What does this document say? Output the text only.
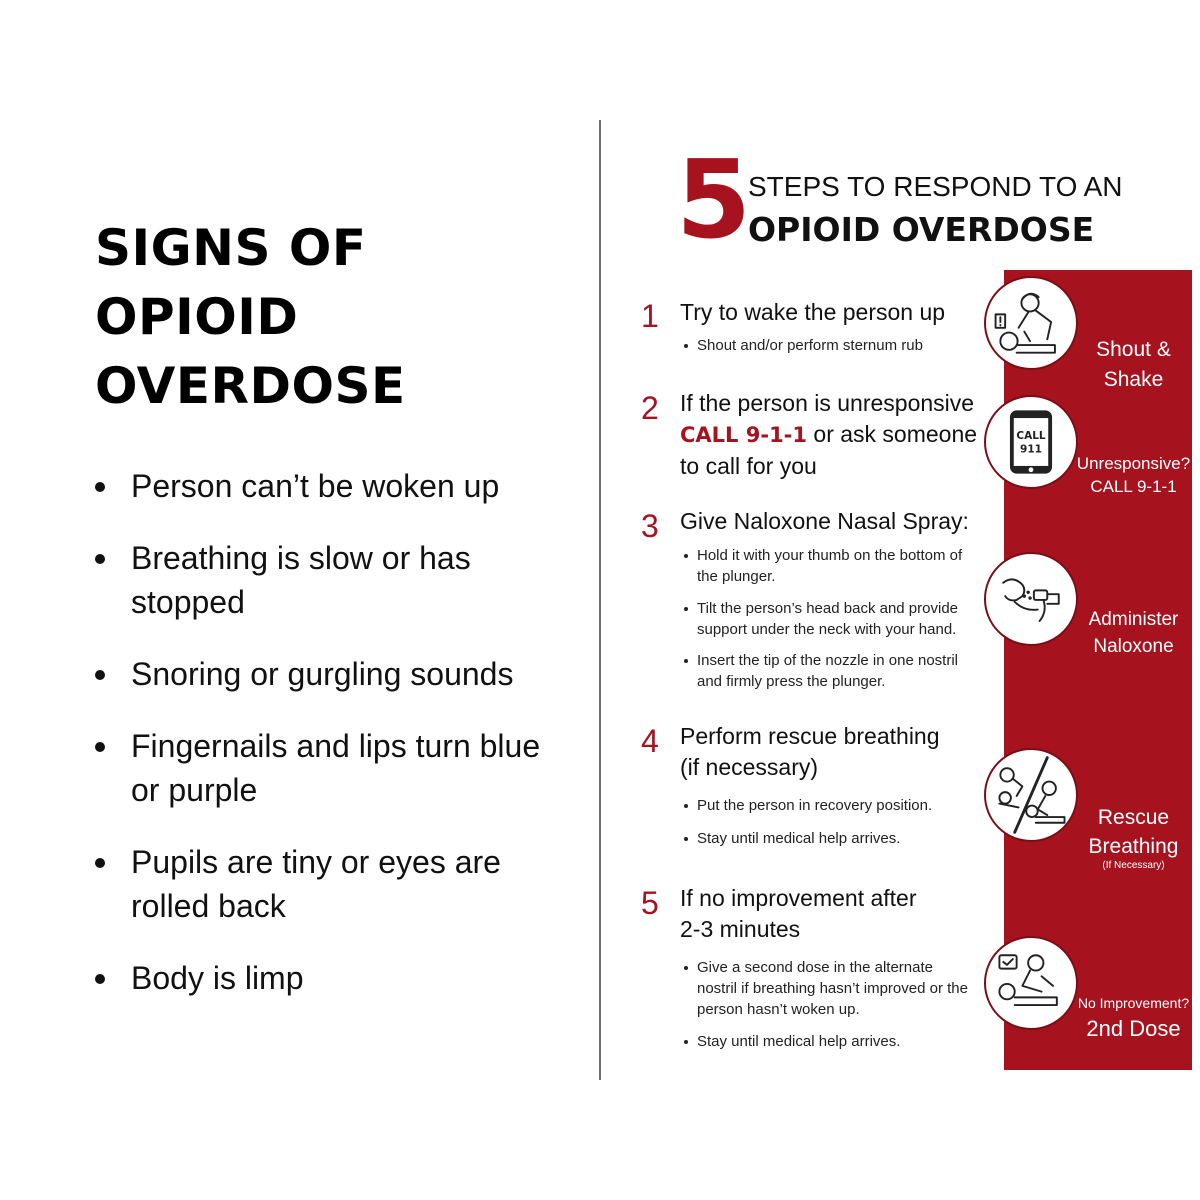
SIGNS OF
OPIOID
OVERDOSE
Person can’t be woken up
Breathing is slow or has stopped
Snoring or gurgling sounds
Fingernails and lips turn blue or purple
Pupils are tiny or eyes are rolled back
Body is limp
5
STEPS TO RESPOND TO AN
OPIOID OVERDOSE
CALL
911
Shout &
Shake
Unresponsive?
CALL 9-1-1
Administer
Naloxone
Rescue
Breathing
(If Necessary)
No Improvement?
2nd Dose
1 Try to wake the person up

Shout and/or perform sternum rub
2 If the person is unresponsive
CALL 9-1-1 or ask someone to call for you

3 Give Naloxone Nasal Spray:

Hold it with your thumb on the bottom of the plunger.
Tilt the person’s head back and provide support under the neck with your hand.
Insert the tip of the nozzle in one nostril and firmly press the plunger.
4 Perform rescue breathing (if necessary)

Put the person in recovery position.
Stay until medical help arrives.
5 If no improvement after 2-3 minutes

Give a second dose in the alternate nostril if breathing hasn’t improved or the person hasn’t woken up.
Stay until medical help arrives.
